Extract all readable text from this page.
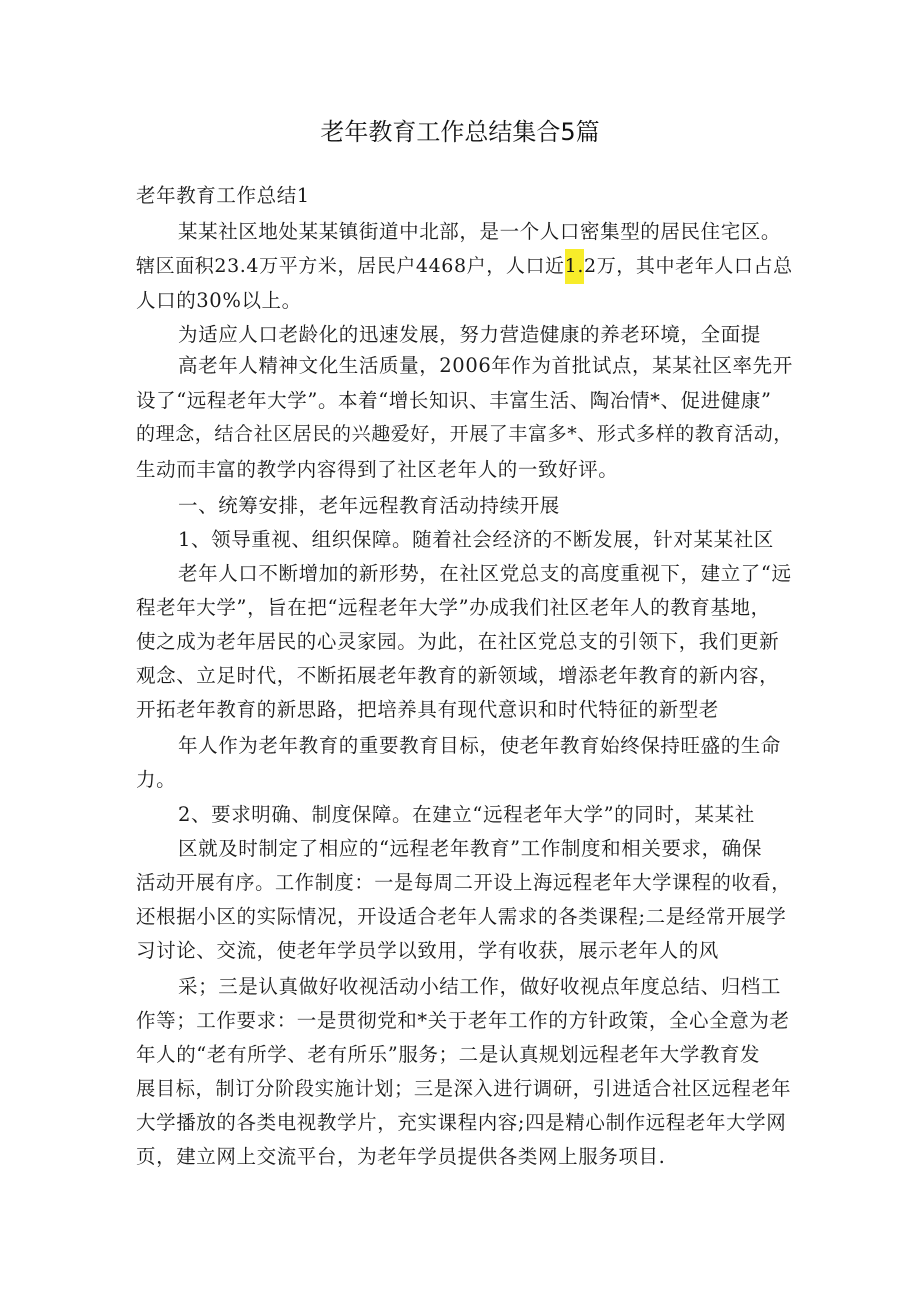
老年教育工作总结集合5篇
老年教育工作总结1
某某社区地处某某镇街道中北部，是一个人口密集型的居民住宅区。
辖区面积23.4万平方米，居民户4468户，人口近1.2万，其中老年人口占总
人口的30%以上。
为适应人口老龄化的迅速发展，努力营造健康的养老环境，全面提
高老年人精神文化生活质量，2006年作为首批试点，某某社区率先开
设了“远程老年大学”。本着“增长知识、丰富生活、陶冶情*、促进健康”
的理念，结合社区居民的兴趣爱好，开展了丰富多*、形式多样的教育活动，
生动而丰富的教学内容得到了社区老年人的一致好评。
一、统筹安排，老年远程教育活动持续开展
1、领导重视、组织保障。随着社会经济的不断发展，针对某某社区
老年人口不断增加的新形势，在社区党总支的高度重视下，建立了“远
程老年大学”，旨在把“远程老年大学”办成我们社区老年人的教育基地，
使之成为老年居民的心灵家园。为此，在社区党总支的引领下，我们更新
观念、立足时代，不断拓展老年教育的新领域，增添老年教育的新内容，
开拓老年教育的新思路，把培养具有现代意识和时代特征的新型老
年人作为老年教育的重要教育目标，使老年教育始终保持旺盛的生命
力。
2、要求明确、制度保障。在建立“远程老年大学”的同时，某某社
区就及时制定了相应的“远程老年教育”工作制度和相关要求，确保
活动开展有序。工作制度：一是每周二开设上海远程老年大学课程的收看，
还根据小区的实际情况，开设适合老年人需求的各类课程;二是经常开展学
习讨论、交流，使老年学员学以致用，学有收获，展示老年人的风
采；三是认真做好收视活动小结工作，做好收视点年度总结、归档工
作等；工作要求：一是贯彻党和*关于老年工作的方针政策，全心全意为老
年人的“老有所学、老有所乐”服务；二是认真规划远程老年大学教育发
展目标，制订分阶段实施计划；三是深入进行调研，引进适合社区远程老年
大学播放的各类电视教学片，充实课程内容;四是精心制作远程老年大学网
页，建立网上交流平台，为老年学员提供各类网上服务项目.
